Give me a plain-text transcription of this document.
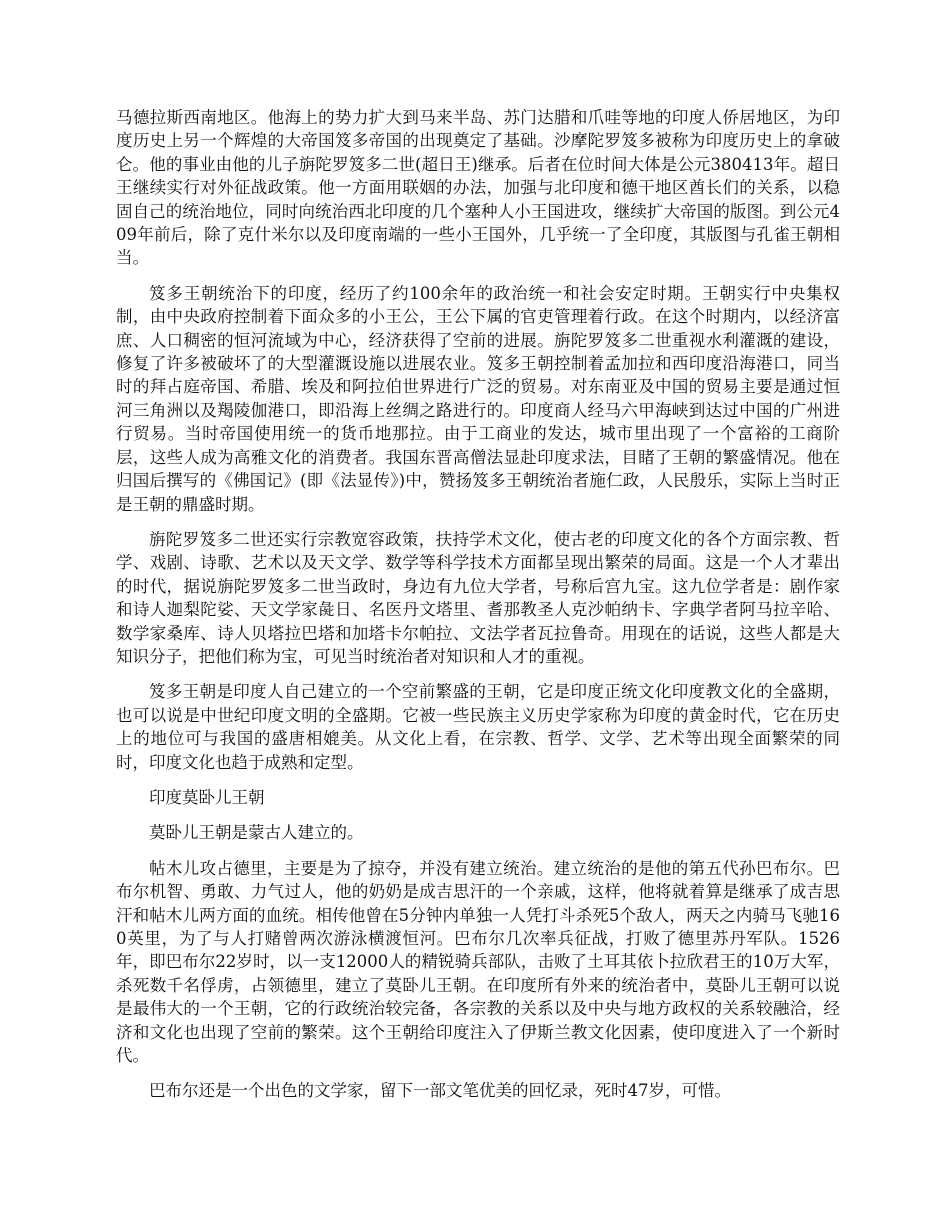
马德拉斯西南地区。他海上的势力扩大到马来半岛、苏门达腊和爪哇等地的印度人侨居地区，为印度历史上另一个辉煌的大帝国笈多帝国的出现奠定了基础。沙摩陀罗笈多被称为印度历史上的拿破仑。他的事业由他的儿子旃陀罗笈多二世(超日王)继承。后者在位时间大体是公元380413年。超日王继续实行对外征战政策。他一方面用联姻的办法，加强与北印度和德干地区酋长们的关系，以稳固自己的统治地位，同时向统治西北印度的几个塞种人小王国进攻，继续扩大帝国的版图。到公元409年前后，除了克什米尔以及印度南端的一些小王国外，几乎统一了全印度，其版图与孔雀王朝相当。

笈多王朝统治下的印度，经历了约100余年的政治统一和社会安定时期。王朝实行中央集权制，由中央政府控制着下面众多的小王公，王公下属的官吏管理着行政。在这个时期内，以经济富庶、人口稠密的恒河流域为中心，经济获得了空前的进展。旃陀罗笈多二世重视水利灌溉的建设，修复了许多被破坏了的大型灌溉设施以进展农业。笈多王朝控制着孟加拉和西印度沿海港口，同当时的拜占庭帝国、希腊、埃及和阿拉伯世界进行广泛的贸易。对东南亚及中国的贸易主要是通过恒河三角洲以及羯陵伽港口，即沿海上丝绸之路进行的。印度商人经马六甲海峡到达过中国的广州进行贸易。当时帝国使用统一的货币地那拉。由于工商业的发达，城市里出现了一个富裕的工商阶层，这些人成为高雅文化的消费者。我国东晋高僧法显赴印度求法，目睹了王朝的繁盛情况。他在归国后撰写的《佛国记》(即《法显传》)中，赞扬笈多王朝统治者施仁政，人民殷乐，实际上当时正是王朝的鼎盛时期。

旃陀罗笈多二世还实行宗教宽容政策，扶持学术文化，使古老的印度文化的各个方面宗教、哲学、戏剧、诗歌、艺术以及天文学、数学等科学技术方面都呈现出繁荣的局面。这是一个人才辈出的时代，据说旃陀罗笈多二世当政时，身边有九位大学者，号称后宫九宝。这九位学者是：剧作家和诗人迦梨陀娑、天文学家彘日、名医丹文塔里、耆那教圣人克沙帕纳卡、字典学者阿马拉辛哈、数学家桑库、诗人贝塔拉巴塔和加塔卡尔帕拉、文法学者瓦拉鲁奇。用现在的话说，这些人都是大知识分子，把他们称为宝，可见当时统治者对知识和人才的重视。

笈多王朝是印度人自己建立的一个空前繁盛的王朝，它是印度正统文化印度教文化的全盛期，也可以说是中世纪印度文明的全盛期。它被一些民族主义历史学家称为印度的黄金时代，它在历史上的地位可与我国的盛唐相媲美。从文化上看，在宗教、哲学、文学、艺术等出现全面繁荣的同时，印度文化也趋于成熟和定型。

印度莫卧儿王朝

莫卧儿王朝是蒙古人建立的。

帖木儿攻占德里，主要是为了掠夺，并没有建立统治。建立统治的是他的第五代孙巴布尔。巴布尔机智、勇敢、力气过人，他的奶奶是成吉思汗的一个亲戚，这样，他将就着算是继承了成吉思汗和帖木儿两方面的血统。相传他曾在5分钟内单独一人凭打斗杀死5个敌人，两天之内骑马飞驰160英里，为了与人打赌曾两次游泳横渡恒河。巴布尔几次率兵征战，打败了德里苏丹军队。1526年，即巴布尔22岁时，以一支12000人的精锐骑兵部队，击败了土耳其依卜拉欣君王的10万大军，杀死数千名俘虏，占领德里，建立了莫卧儿王朝。在印度所有外来的统治者中，莫卧儿王朝可以说是最伟大的一个王朝，它的行政统治较完备，各宗教的关系以及中央与地方政权的关系较融洽，经济和文化也出现了空前的繁荣。这个王朝给印度注入了伊斯兰教文化因素，使印度进入了一个新时代。

巴布尔还是一个出色的文学家，留下一部文笔优美的回忆录，死时47岁，可惜。
